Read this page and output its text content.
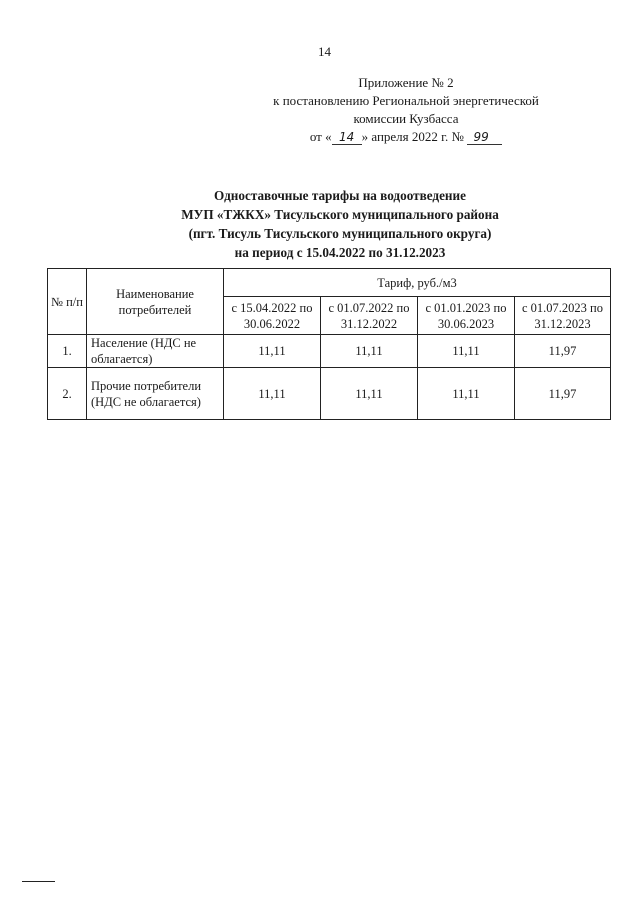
14
Приложение № 2
к постановлению Региональной энергетической
комиссии Кузбасса
от « 14 » апреля 2022 г. № 99
Одноставочные тарифы на водоотведение
МУП «ТЖКХ» Тисульского муниципального района
(пгт. Тисуль Тисульского муниципального округа)
на период с 15.04.2022 по 31.12.2023
№ п/п	Наименование потребителей	Тариф, руб./м3			
		с 15.04.2022 по 30.06.2022	с 01.07.2022 по 31.12.2022	с 01.01.2023 по 30.06.2023	с 01.07.2023 по 31.12.2023
1.	Население (НДС не облагается)	11,11	11,11	11,11	11,97
2.	Прочие потребители (НДС не облагается)	11,11	11,11	11,11	11,97
